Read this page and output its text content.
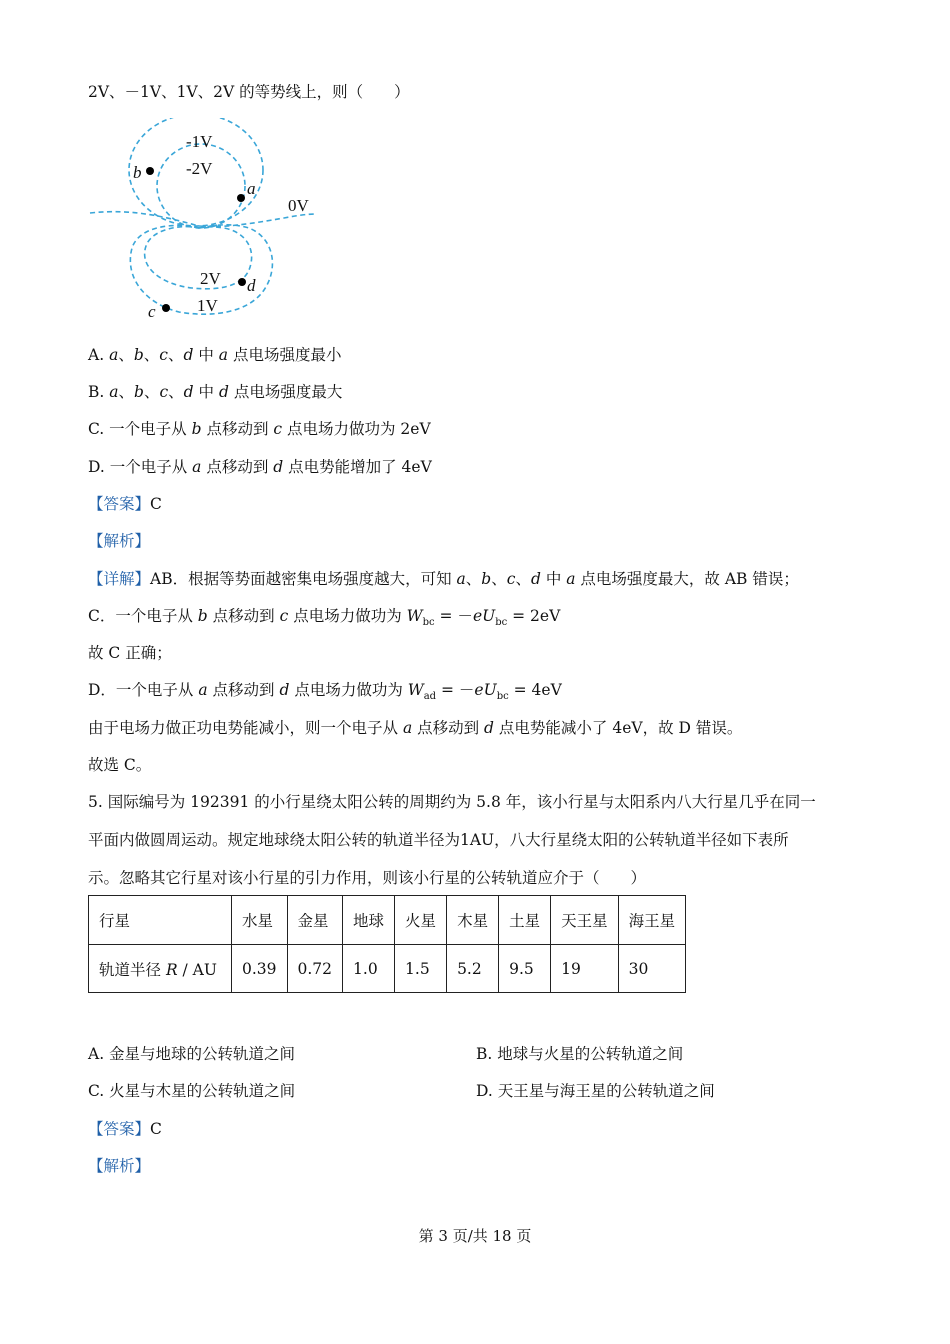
2V、－1V、1V、2V 的等势线上，则（　　）
-1V
-2V
0V
2V
1V
a
b
d
c
A. a、b、c、d 中 a 点电场强度最小
B. a、b、c、d 中 d 点电场强度最大
C. 一个电子从 b 点移动到 c 点电场力做功为 2eV
D. 一个电子从 a 点移动到 d 点电势能增加了 4eV
【答案】C
【解析】
【详解】AB．根据等势面越密集电场强度越大，可知 a、b、c、d 中 a 点电场强度最大，故 AB 错误；
C．一个电子从 b 点移动到 c 点电场力做功为 $W_{bc} = -eU_{bc} = 2eV$
故 C 正确；
D．一个电子从 a 点移动到 d 点电场力做功为 $W_{ad} = -eU_{bc} = 4eV$
由于电场力做正功电势能减小，则一个电子从 a 点移动到 d 点电势能减小了 4eV，故 D 错误。
故选 C。
5. 国际编号为 192391 的小行星绕太阳公转的周期约为 5.8 年，该小行星与太阳系内八大行星几乎在同一
平面内做圆周运动。规定地球绕太阳公转的轨道半径为1AU，八大行星绕太阳的公转轨道半径如下表所
示。忽略其它行星对该小行星的引力作用，则该小行星的公转轨道应介于（　　）
行星	水星	金星	地球	火星	木星	土星	天王星	海王星
轨道半径 R / AU	0.39	0.72	1.0	1.5	5.2	9.5	19	30
A. 金星与地球的公转轨道之间	B. 地球与火星的公转轨道之间
C. 火星与木星的公转轨道之间	D. 天王星与海王星的公转轨道之间
【答案】C
【解析】
第 3 页/共 18 页
